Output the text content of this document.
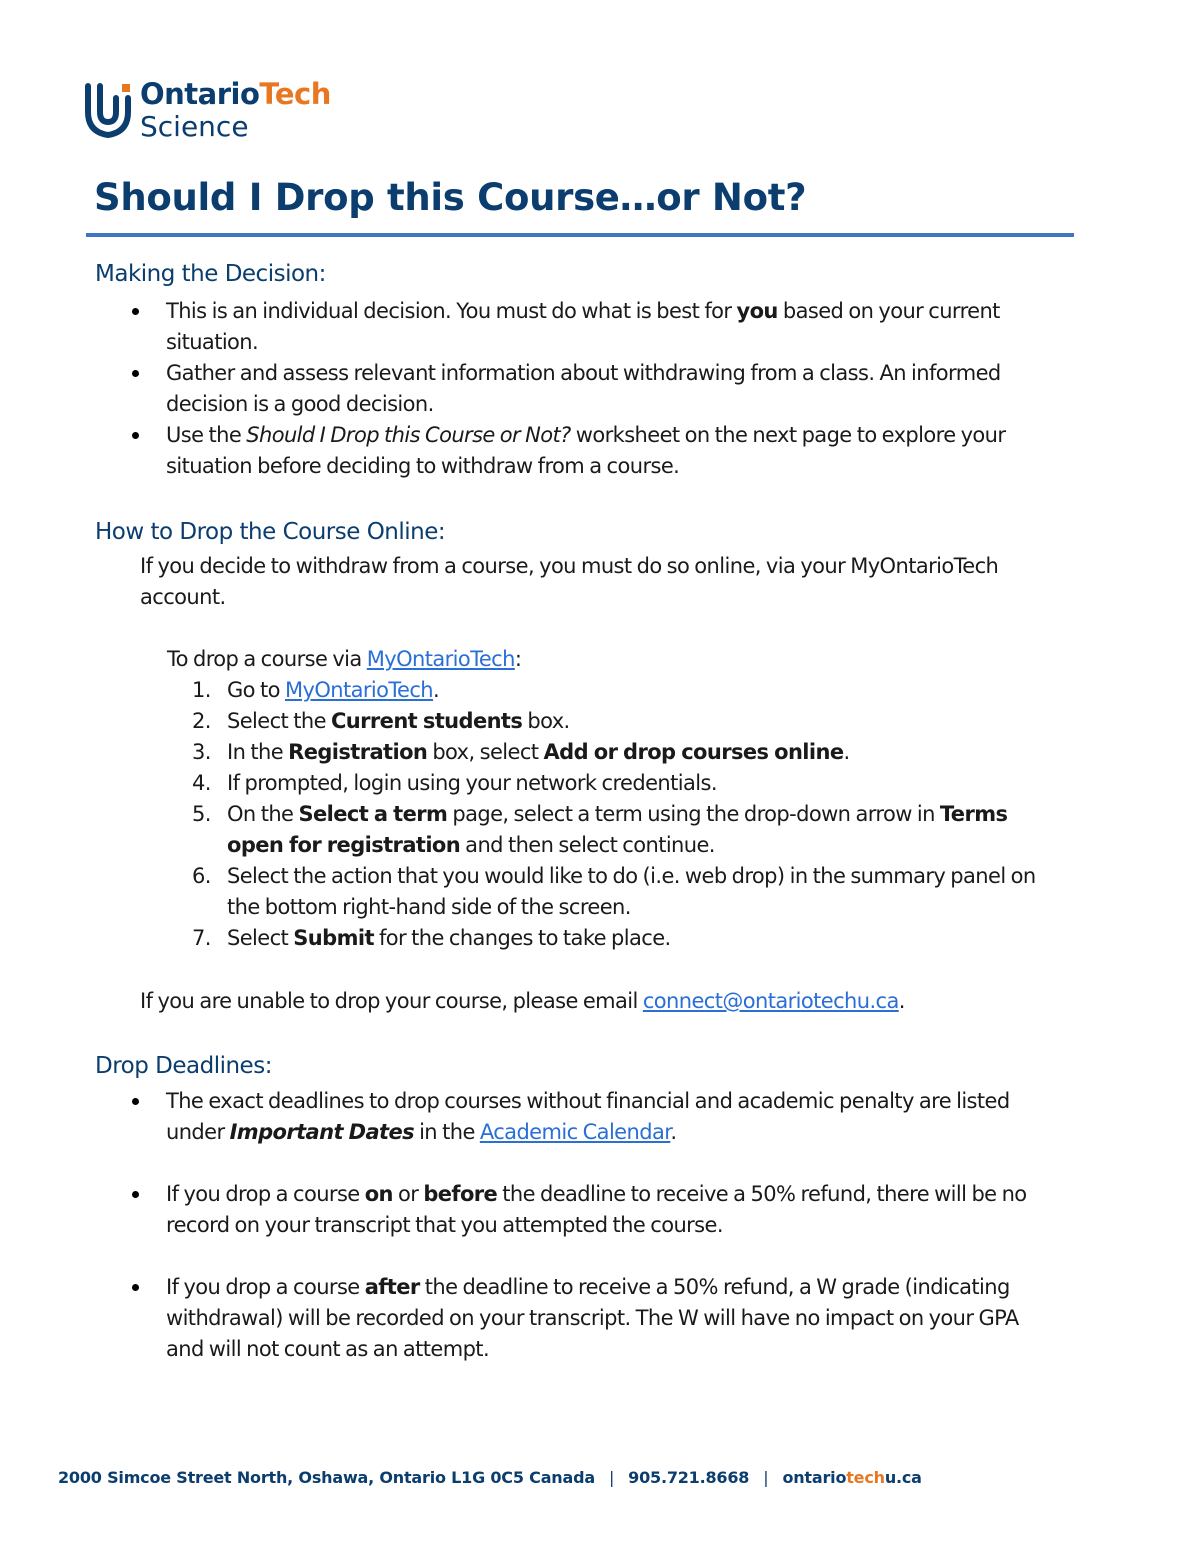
OntarioTech
Science
Should I Drop this Course…or Not?
Making the Decision:
This is an individual decision. You must do what is best for you based on your current situation.
Gather and assess relevant information about withdrawing from a class. An informed decision is a good decision.
Use the Should I Drop this Course or Not? worksheet on the next page to explore your situation before deciding to withdraw from a course.
How to Drop the Course Online:

If you decide to withdraw from a course, you must do so online, via your MyOntarioTech account.

To drop a course via MyOntarioTech:

1. Go to MyOntarioTech.
2. Select the Current students box.
3. In the Registration box, select Add or drop courses online.
4. If prompted, login using your network credentials.
5. On the Select a term page, select a term using the drop-down arrow in Terms open for registration and then select continue.
6. Select the action that you would like to do (i.e. web drop) in the summary panel on the bottom right-hand side of the screen.
7. Select Submit for the changes to take place.

If you are unable to drop your course, please email connect@ontariotechu.ca.

Drop Deadlines:
The exact deadlines to drop courses without financial and academic penalty are listed under Important Dates in the Academic Calendar.
If you drop a course on or before the deadline to receive a 50% refund, there will be no record on your transcript that you attempted the course.
If you drop a course after the deadline to receive a 50% refund, a W grade (indicating withdrawal) will be recorded on your transcript. The W will have no impact on your GPA and will not count as an attempt.
2000 Simcoe Street North, Oshawa, Ontario L1G 0C5 Canada | 905.721.8668 | ontariotechu.ca
